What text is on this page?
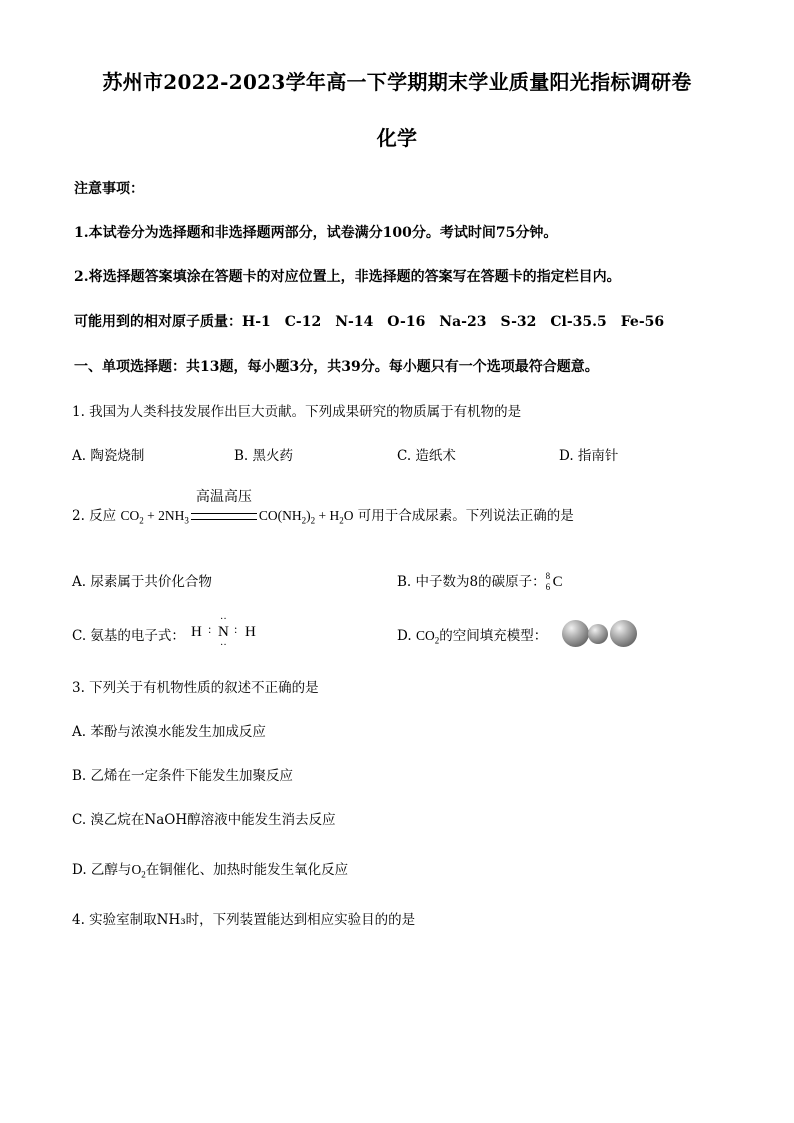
苏州市2022-2023学年高一下学期期末学业质量阳光指标调研卷
化学
注意事项：
1.本试卷分为选择题和非选择题两部分，试卷满分100分。考试时间75分钟。
2.将选择题答案填涂在答题卡的对应位置上，非选择题的答案写在答题卡的指定栏目内。
可能用到的相对原子质量：H-1　C-12　N-14　O-16　Na-23　S-32　Cl-35.5　Fe-56
一、单项选择题：共13题，每小题3分，共39分。每小题只有一个选项最符合题意。
1. 我国为人类科技发展作出巨大贡献。下列成果研究的物质属于有机物的是
A. 陶瓷烧制	B. 黑火药	C. 造纸术	D. 指南针
2. 反应 $CO_2 + 2NH_3$
高温高压
$CO(NH_2)_2 + H_2O$ 可用于合成尿素。下列说法正确的是
A. 尿素属于共价化合物	B. 中子数为8的碳原子： 8
6 C
C. 氨基的电子式： H : N : H
··
··
D. $CO_2$的空间填充模型：
3. 下列关于有机物性质的叙述不正确的是
A. 苯酚与浓溴水能发生加成反应
B. 乙烯在一定条件下能发生加聚反应
C. 溴乙烷在NaOH醇溶液中能发生消去反应
D. 乙醇与$O_2$在铜催化、加热时能发生氧化反应
4. 实验室制取NH₃时，下列装置能达到相应实验目的的是
